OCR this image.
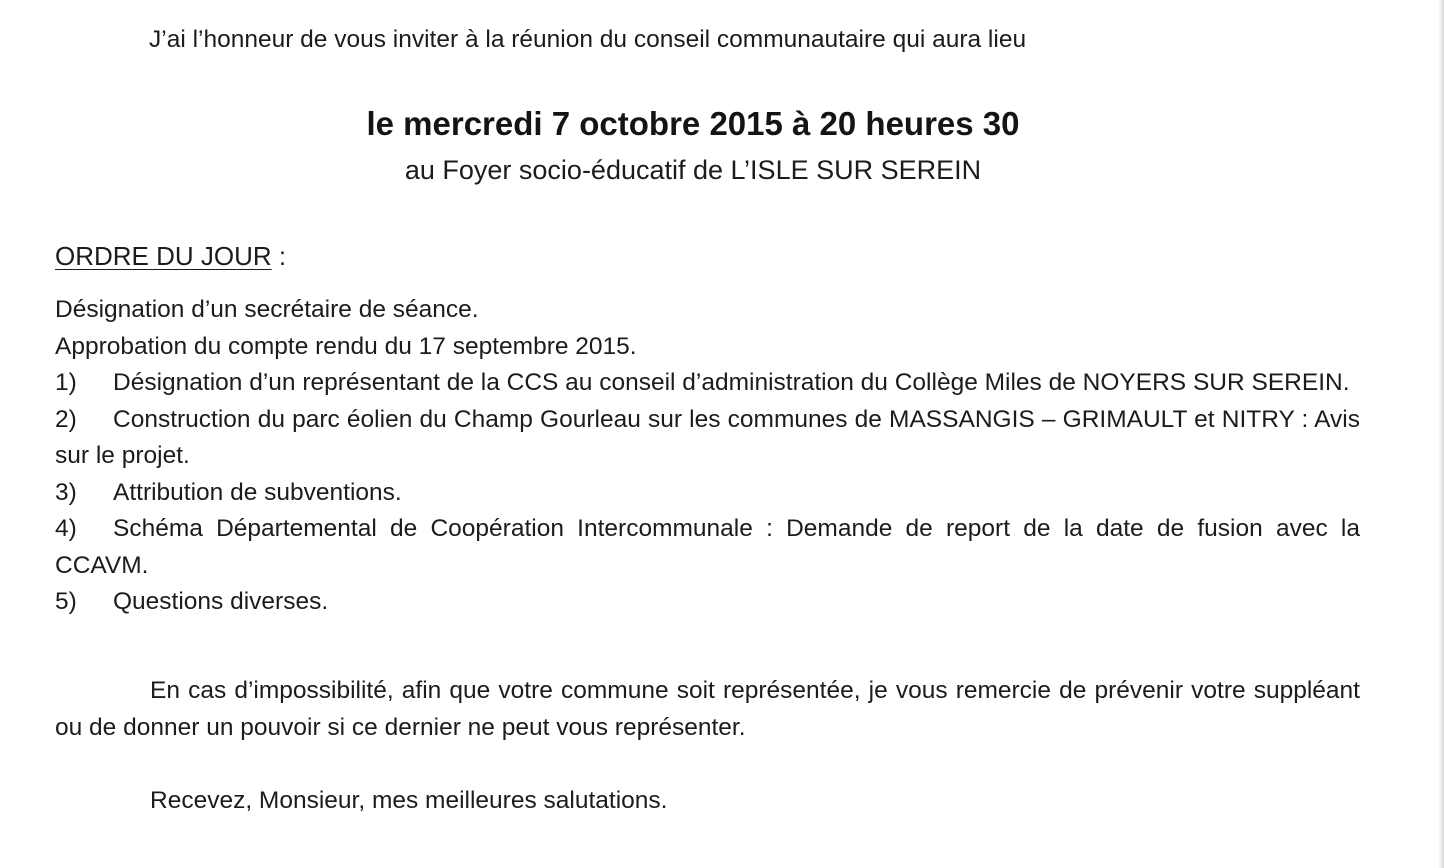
J’ai l’honneur de vous inviter à la réunion du conseil communautaire qui aura lieu
le mercredi 7 octobre 2015 à 20 heures 30
au Foyer socio-éducatif de L’ISLE SUR SEREIN
ORDRE DU JOUR :
Désignation d’un secrétaire de séance.
Approbation du compte rendu du 17 septembre 2015.
1) Désignation d’un représentant de la CCS au conseil d’administration du Collège Miles de NOYERS SUR SEREIN.
2) Construction du parc éolien du Champ Gourleau sur les communes de MASSANGIS – GRIMAULT et NITRY : Avis sur le projet.
3) Attribution de subventions.
4) Schéma Départemental de Coopération Intercommunale : Demande de report de la date de fusion avec la CCAVM.
5) Questions diverses.
En cas d’impossibilité, afin que votre commune soit représentée, je vous remercie de prévenir votre suppléant ou de donner un pouvoir si ce dernier ne peut vous représenter.
Recevez, Monsieur, mes meilleures salutations.
